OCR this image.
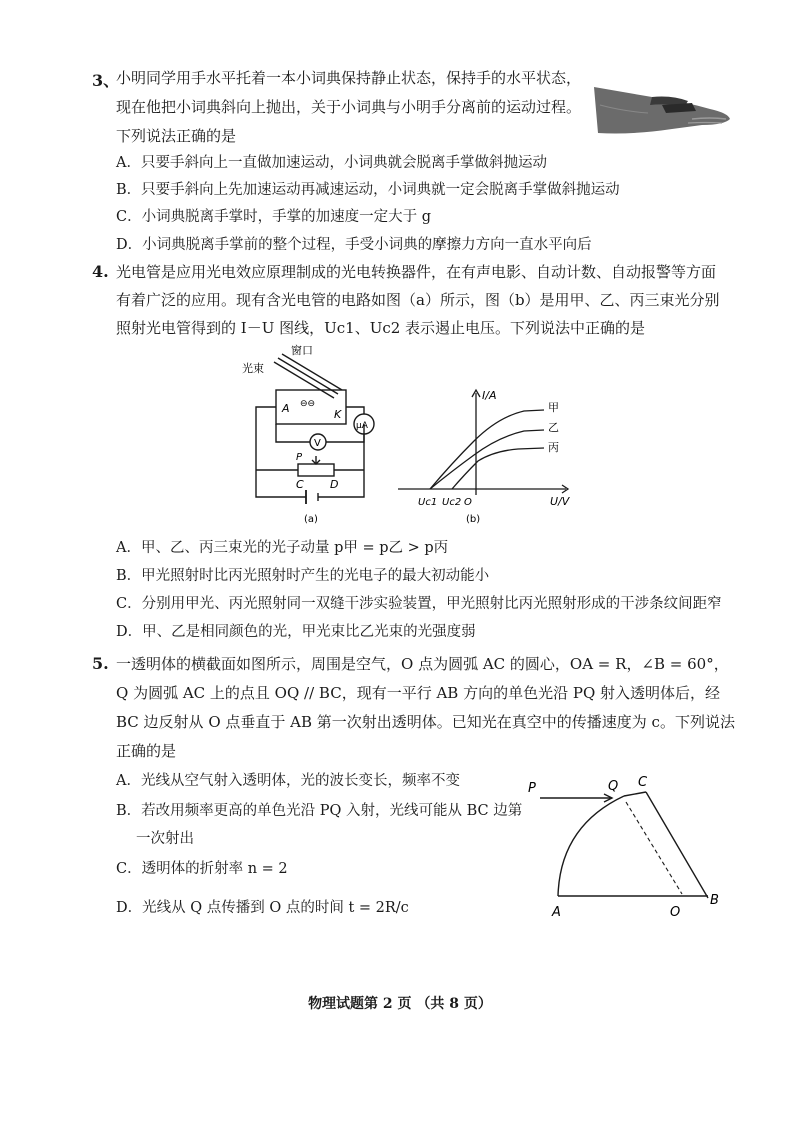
3、
小明同学用手水平托着一本小词典保持静止状态，保持手的水平状态，
现在他把小词典斜向上抛出，关于小词典与小明手分离前的运动过程。
下列说法正确的是
A．只要手斜向上一直做加速运动，小词典就会脱离手掌做斜抛运动
B．只要手斜向上先加速运动再减速运动，小词典就一定会脱离手掌做斜抛运动
C．小词典脱离手掌时，手掌的加速度一定大于 g
D．小词典脱离手掌前的整个过程，手受小词典的摩擦力方向一直水平向后
4. 光电管是应用光电效应原理制成的光电转换器件，在有声电影、自动计数、自动报警等方面
有着广泛的应用。现有含光电管的电路如图（a）所示，图（b）是用甲、乙、丙三束光分别
照射光电管得到的 I－U 图线，Uc1、Uc2 表示遏止电压。下列说法中正确的是
窗口
光束
A	K
⊖⊖
V
μA
P
C D
(a)
I/A
U/V
Uc1 Uc2 O
甲
乙
丙
(b)
A．甲、乙、丙三束光的光子动量 p甲 = p乙 > p丙
B．甲光照射时比丙光照射时产生的光电子的最大初动能小
C．分别用甲光、丙光照射同一双缝干涉实验装置，甲光照射比丙光照射形成的干涉条纹间距窄
D．甲、乙是相同颜色的光，甲光束比乙光束的光强度弱
5. 一透明体的横截面如图所示，周围是空气，O 点为圆弧 AC 的圆心，OA = R，∠B = 60°，
Q 为圆弧 AC 上的点且 OQ // BC，现有一平行 AB 方向的单色光沿 PQ 射入透明体后，经
BC 边反射从 O 点垂直于 AB 第一次射出透明体。已知光在真空中的传播速度为 c。下列说法
正确的是
A．光线从空气射入透明体，光的波长变长，频率不变
B．若改用频率更高的单色光沿 PQ 入射，光线可能从 BC 边第
一次射出
C．透明体的折射率 n = 2
D．光线从 Q 点传播到 O 点的时间 t = 2R/c
P	Q C
A	O
B
物理试题第 2 页 （共 8 页）
